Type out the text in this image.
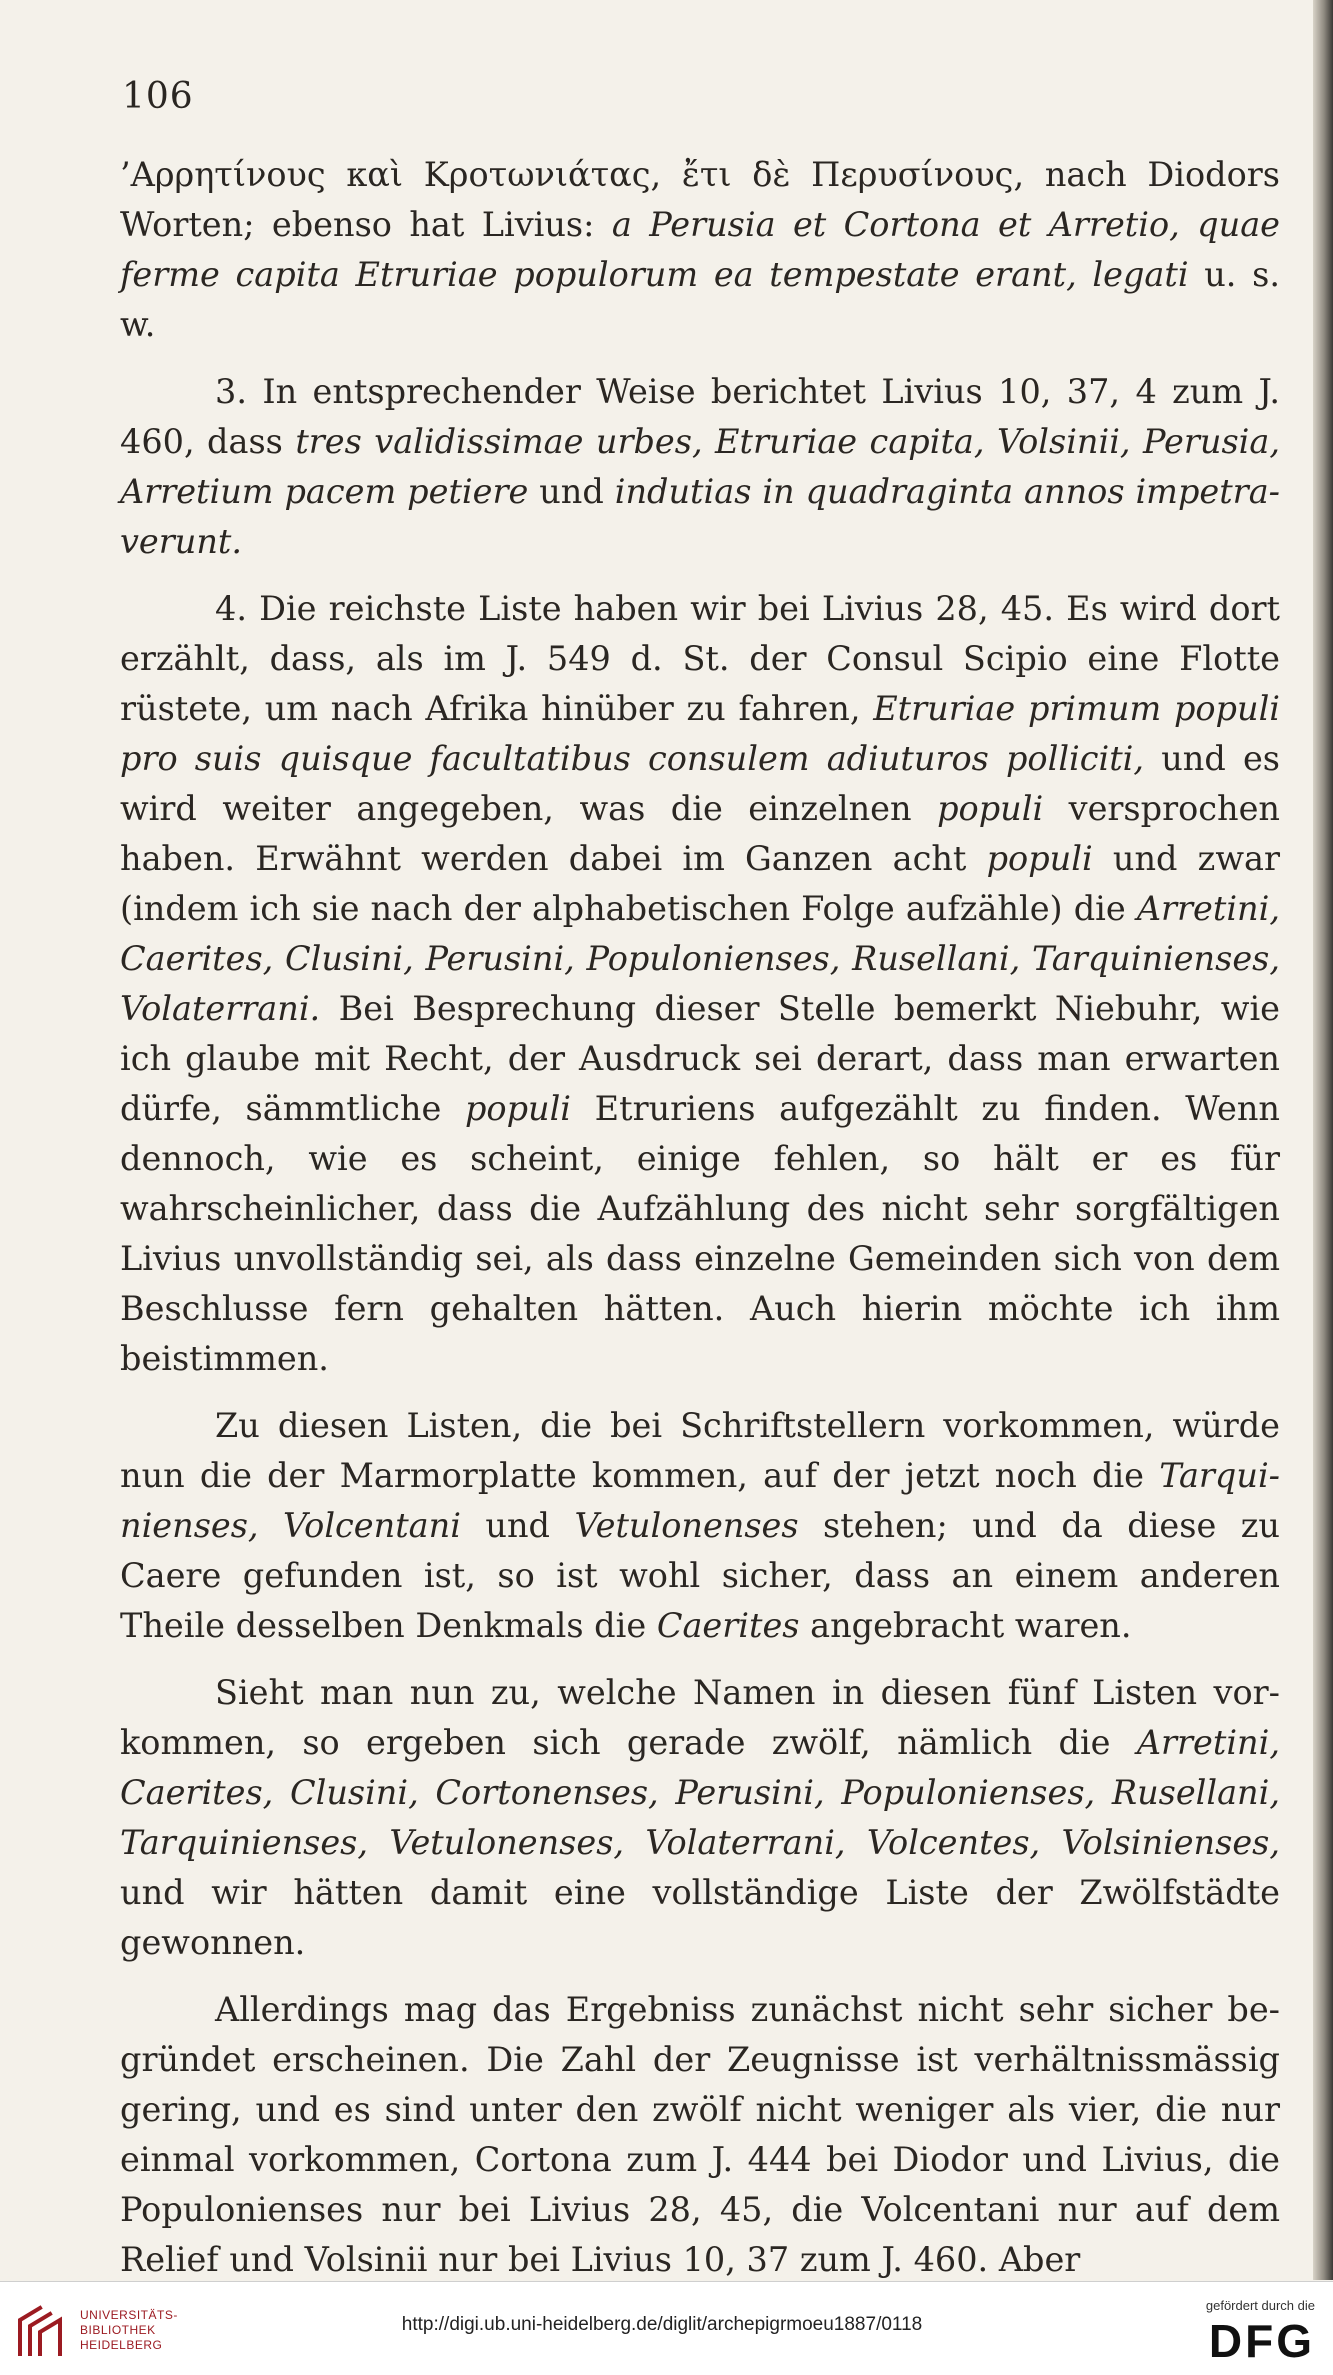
106

’Αρρητίνους καὶ Κροτωνιάτας, ἔτι δὲ Περυσίνους, nach Diodors Worten; ebenso hat Livius: a Perusia et Cortona et Arretio, quae ferme capita Etruriae populorum ea tempestate erant, legati u. s. w.

3. In entsprechender Weise berichtet Livius 10, 37, 4 zum J. 460, dass tres validissimae urbes, Etruriae capita, Volsinii, Perusia, Arretium pacem petiere und indutias in quadraginta annos impetraverunt.

4. Die reichste Liste haben wir bei Livius 28, 45. Es wird dort erzählt, dass, als im J. 549 d. St. der Consul Scipio eine Flotte rüstete, um nach Afrika hinüber zu fahren, Etruriae primum populi pro suis quisque facultatibus consulem adiuturos polliciti, und es wird weiter angegeben, was die einzelnen populi versprochen haben. Erwähnt werden dabei im Ganzen acht populi und zwar (indem ich sie nach der alphabetischen Folge aufzähle) die Arretini, Caerites, Clusini, Perusini, Populonienses, Rusellani, Tarquinienses, Volaterrani. Bei Besprechung dieser Stelle bemerkt Niebuhr, wie ich glaube mit Recht, der Ausdruck sei derart, dass man erwarten dürfe, sämmtliche populi Etruriens aufgezählt zu finden. Wenn dennoch, wie es scheint, einige fehlen, so hält er es für wahrscheinlicher, dass die Aufzählung des nicht sehr sorgfältigen Livius unvollständig sei, als dass einzelne Gemeinden sich von dem Beschlusse fern gehalten hätten. Auch hierin möchte ich ihm beistimmen.

Zu diesen Listen, die bei Schriftstellern vorkommen, würde nun die der Marmorplatte kommen, auf der jetzt noch die Tarquinienses, Volcentani und Vetulonenses stehen; und da diese zu Caere gefunden ist, so ist wohl sicher, dass an einem anderen Theile desselben Denkmals die Caerites angebracht waren.

Sieht man nun zu, welche Namen in diesen fünf Listen vorkommen, so ergeben sich gerade zwölf, nämlich die Arretini, Caerites, Clusini, Cortonenses, Perusini, Populonienses, Rusellani, Tarquinienses, Vetulonenses, Volaterrani, Volcentes, Volsinienses, und wir hätten damit eine vollständige Liste der Zwölfstädte gewonnen.

Allerdings mag das Ergebniss zunächst nicht sehr sicher begründet erscheinen. Die Zahl der Zeugnisse ist verhältnissmässig gering, und es sind unter den zwölf nicht weniger als vier, die nur einmal vorkommen, Cortona zum J. 444 bei Diodor und Livius, die Populonienses nur bei Livius 28, 45, die Volcentani nur auf dem Relief und Volsinii nur bei Livius 10, 37 zum J. 460. Aber

UNIVERSITÄTS-
BIBLIOTHEK
HEIDELBERG
http://digi.ub.uni-heidelberg.de/diglit/archepigrmoeu1887/0118
gefördert durch die
DFG
